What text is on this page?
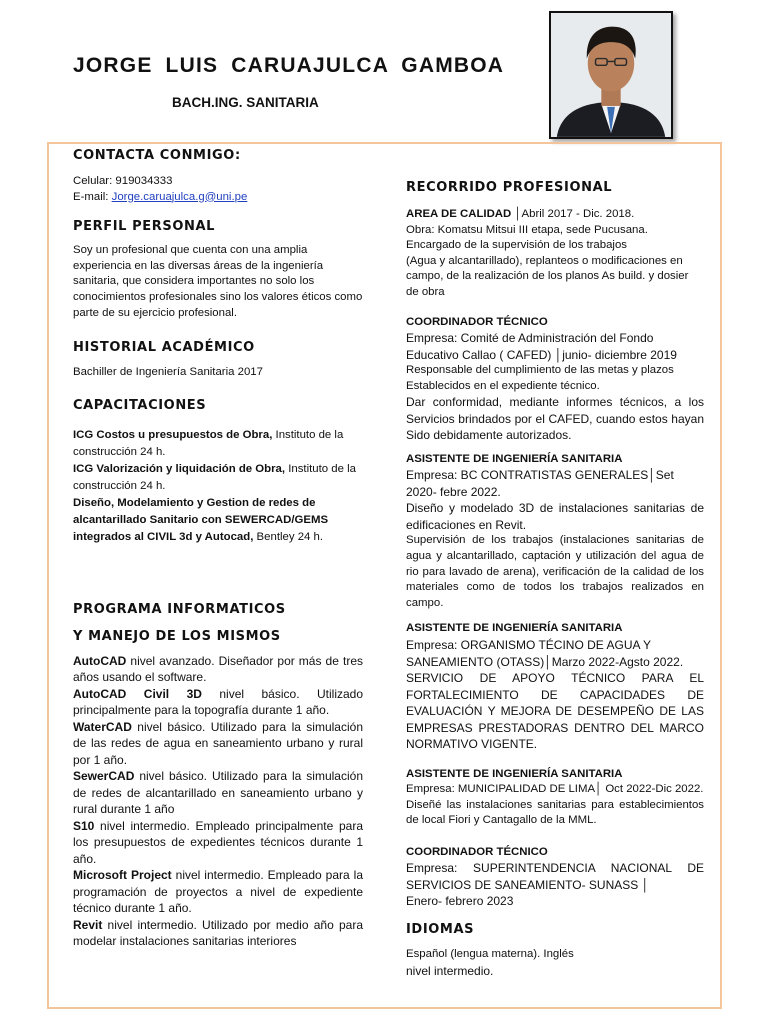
JORGE LUIS CARUAJULCA GAMBOA
BACH.ING. SANITARIA
CONTACTA CONMIGO:
Celular: 919034333
E-mail: Jorge.caruajulca.g@uni.pe
PERFIL PERSONAL
Soy un profesional que cuenta con una amplia experiencia en las diversas áreas de la ingeniería sanitaria, que considera importantes no solo los conocimientos profesionales sino los valores éticos como parte de su ejercicio profesional.
HISTORIAL ACADÉMICO
Bachiller de Ingeniería Sanitaria 2017
CAPACITACIONES
ICG Costos u presupuestos de Obra, Instituto de la construcción 24 h.
ICG Valorización y liquidación de Obra, Instituto de la construcción 24 h.
Diseño, Modelamiento y Gestion de redes de alcantarillado Sanitario con SEWERCAD/GEMS integrados al CIVIL 3d y Autocad, Bentley 24 h.
PROGRAMA INFORMATICOS
Y MANEJO DE LOS MISMOS
AutoCAD nivel avanzado. Diseñador por más de tres años usando el software.
AutoCAD Civil 3D nivel básico. Utilizado principalmente para la topografía durante 1 año.
WaterCAD nivel básico. Utilizado para la simulación de las redes de agua en saneamiento urbano y rural por 1 año.
SewerCAD nivel básico. Utilizado para la simulación de redes de alcantarillado en saneamiento urbano y rural durante 1 año
S10 nivel intermedio. Empleado principalmente para los presupuestos de expedientes técnicos durante 1 año.
Microsoft Project nivel intermedio. Empleado para la programación de proyectos a nivel de expediente técnico durante 1 año.
Revit nivel intermedio. Utilizado por medio año para modelar instalaciones sanitarias interiores
RECORRIDO PROFESIONAL
AREA DE CALIDAD │Abril 2017 - Dic. 2018.
Obra: Komatsu Mitsui III etapa, sede Pucusana.
Encargado de la supervisión de los trabajos
(Agua y alcantarillado), replanteos o modificaciones en campo, de la realización de los planos As build. y dosier de obra
COORDINADOR TÉCNICO
Empresa: Comité de Administración del Fondo Educativo Callao ( CAFED) │junio- diciembre 2019
Responsable del cumplimiento de las metas y plazos Establecidos en el expediente técnico.
Dar conformidad, mediante informes técnicos, a los Servicios brindados por el CAFED, cuando estos hayan Sido debidamente autorizados.
ASISTENTE DE INGENIERÍA SANITARIA
Empresa: BC CONTRATISTAS GENERALES│Set 2020- febre 2022.
Diseño y modelado 3D de instalaciones sanitarias de edificaciones en Revit.
Supervisión de los trabajos (instalaciones sanitarias de agua y alcantarillado, captación y utilización del agua de rio para lavado de arena), verificación de la calidad de los materiales como de todos los trabajos realizados en campo.
ASISTENTE DE INGENIERÍA SANITARIA
Empresa: ORGANISMO TÉCINO DE AGUA Y SANEAMIENTO (OTASS)│Marzo 2022-Agsto 2022.
SERVICIO DE APOYO TÉCNICO PARA EL FORTALECIMIENTO DE CAPACIDADES DE EVALUACIÓN Y MEJORA DE DESEMPEÑO DE LAS EMPRESAS PRESTADORAS DENTRO DEL MARCO NORMATIVO VIGENTE.
ASISTENTE DE INGENIERÍA SANITARIA
Empresa: MUNICIPALIDAD DE LIMA│ Oct 2022-Dic 2022.
Diseñé las instalaciones sanitarias para establecimientos de local Fiori y Cantagallo de la MML.
COORDINADOR TÉCNICO
Empresa: SUPERINTENDENCIA NACIONAL DE SERVICIOS DE SANEAMIENTO- SUNASS │
Enero- febrero 2023
IDIOMAS
Español (lengua materna). Inglés
nivel intermedio.
